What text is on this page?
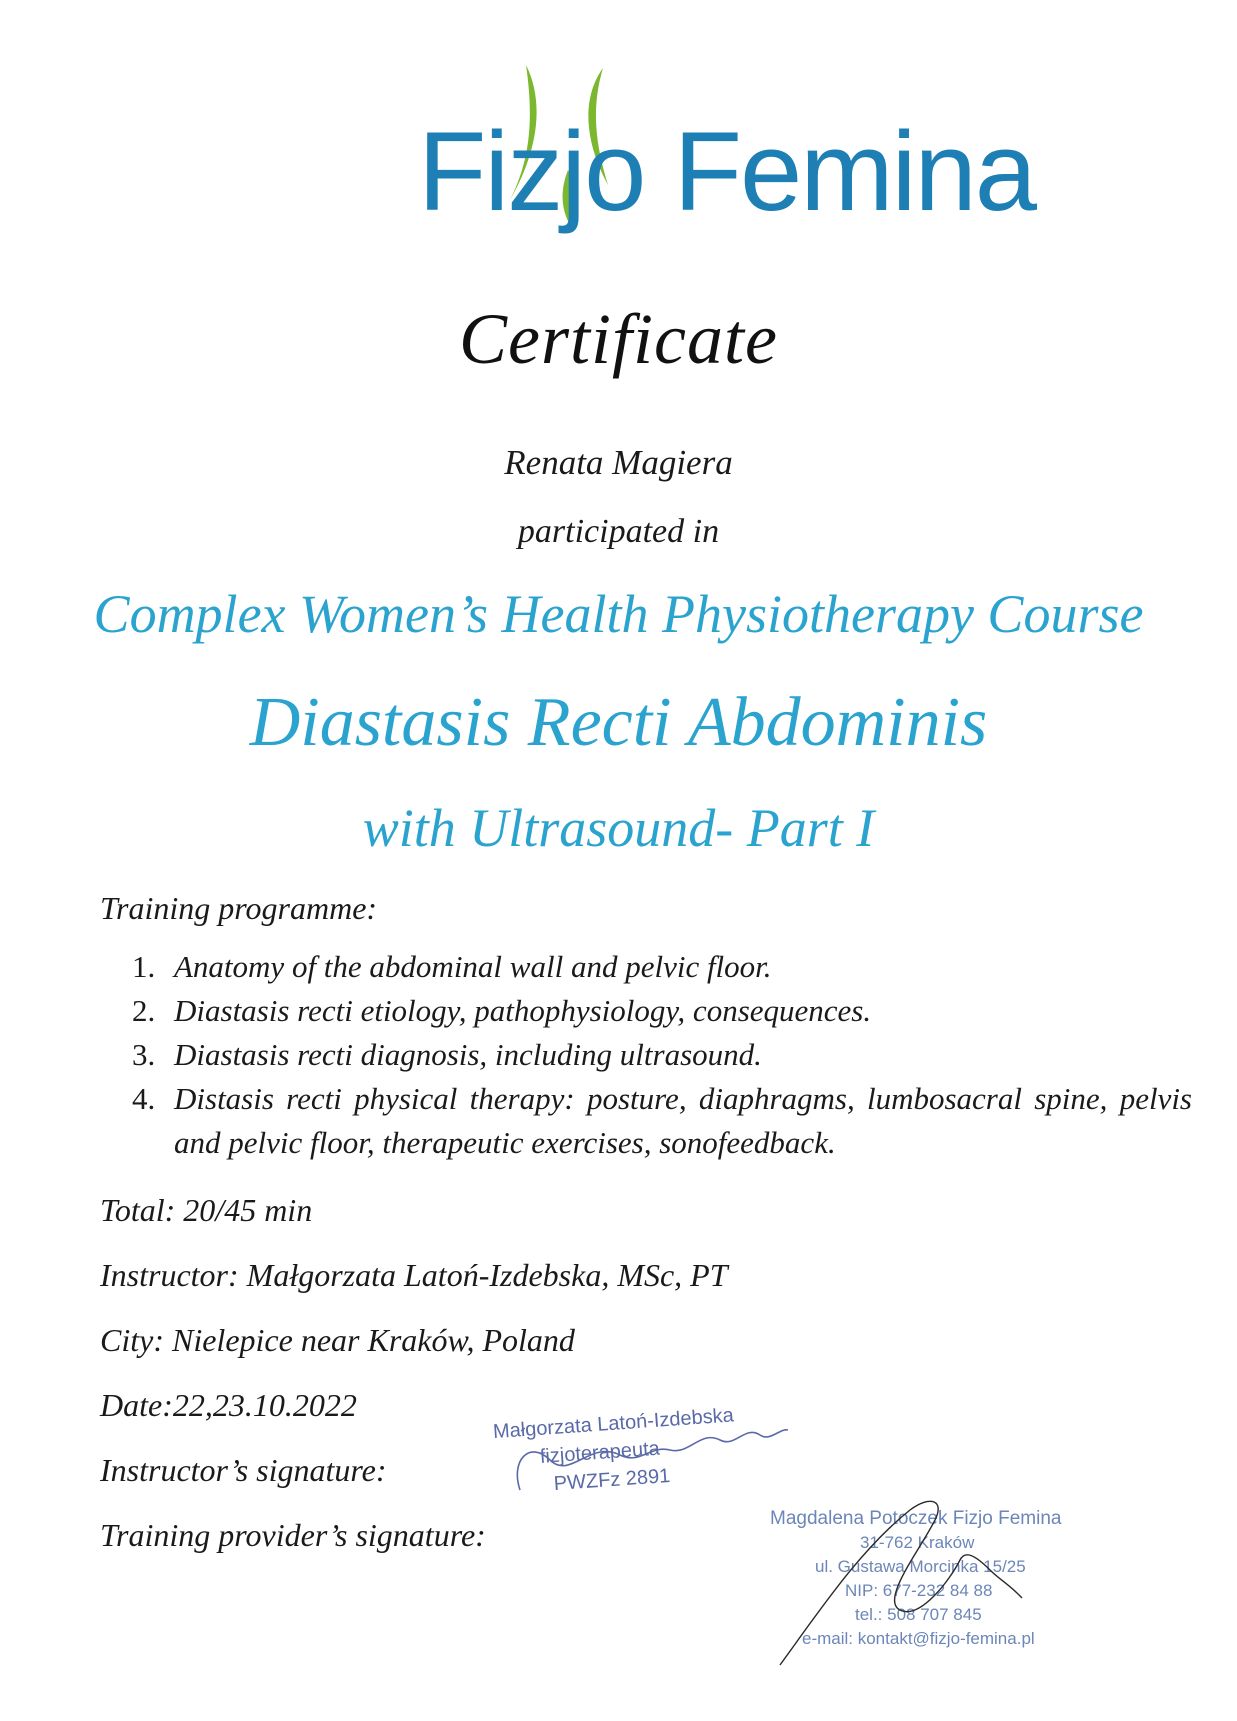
Fizjo Femina
Certificate
Renata Magiera
participated in
Complex Women’s Health Physiotherapy Course
Diastasis Recti Abdominis
with Ultrasound- Part I
Training programme:
1. Anatomy of the abdominal wall and pelvic floor.
2. Diastasis recti etiology, pathophysiology, consequences.
3. Diastasis recti diagnosis, including ultrasound.
4. Distasis recti physical therapy: posture, diaphragms, lumbosacral spine, pelvis and pelvic floor, therapeutic exercises, sonofeedback.
Total: 20/45 min
Instructor: Małgorzata Latoń-Izdebska, MSc, PT
City: Nielepice near Kraków, Poland
Date:22,23.10.2022
Instructor’s signature:
Training provider’s signature:
Małgorzata Latoń-Izdebska
fizjoterapeuta
PWZFz 2891
Magdalena Potoczek Fizjo Femina
31-762 Kraków
ul. Gustawa Morcinka 15/25
NIP: 677-232 84 88
tel.: 508 707 845
e-mail: kontakt@fizjo-femina.pl
